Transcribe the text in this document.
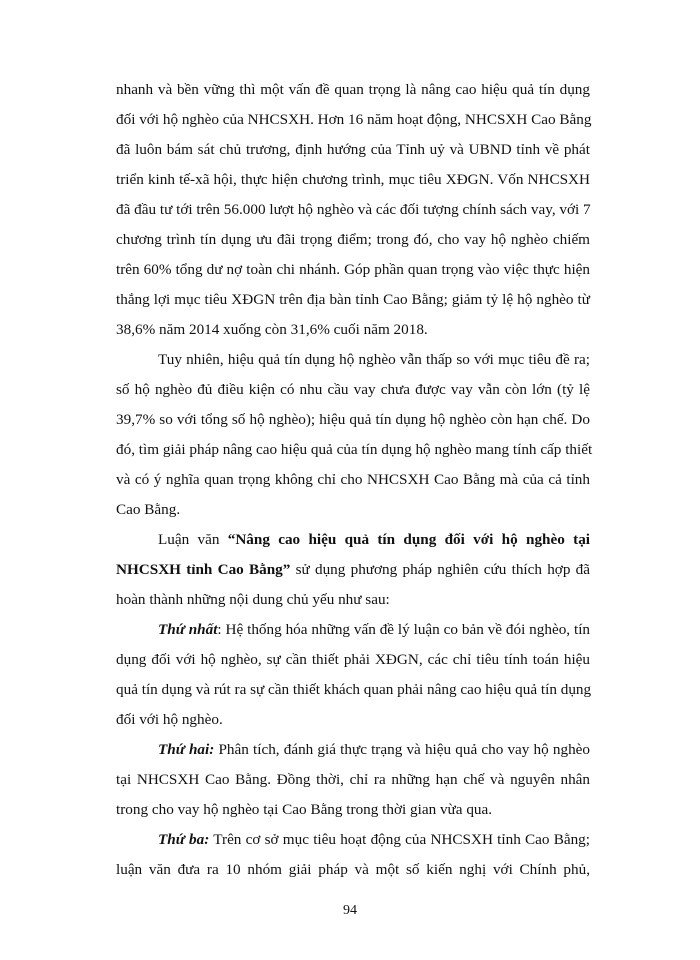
nhanh và bền vững thì một vấn đề quan trọng là nâng cao hiệu quả tín dụng
đối với hộ nghèo của NHCSXH. Hơn 16 năm hoạt động, NHCSXH Cao Bằng
đã luôn bám sát chủ trương, định hướng của Tỉnh uỷ và UBND tỉnh về phát
triển kinh tế-xã hội, thực hiện chương trình, mục tiêu XĐGN. Vốn NHCSXH
đã đầu tư tới trên 56.000 lượt hộ nghèo và các đối tượng chính sách vay, với 7
chương trình tín dụng ưu đãi trọng điểm; trong đó, cho vay hộ nghèo chiếm
trên 60% tổng dư nợ toàn chi nhánh. Góp phần quan trọng vào việc thực hiện
thắng lợi mục tiêu XĐGN trên địa bàn tỉnh Cao Bằng; giảm tỷ lệ hộ nghèo từ
38,6% năm 2014 xuống còn 31,6% cuối năm 2018.
Tuy nhiên, hiệu quả tín dụng hộ nghèo vẫn thấp so với mục tiêu đề ra;
số hộ nghèo đủ điều kiện có nhu cầu vay chưa được vay vẫn còn lớn (tỷ lệ
39,7% so với tổng số hộ nghèo); hiệu quả tín dụng hộ nghèo còn hạn chế. Do
đó, tìm giải pháp nâng cao hiệu quả của tín dụng hộ nghèo mang tính cấp thiết
và có ý nghĩa quan trọng không chỉ cho NHCSXH Cao Bằng mà của cả tỉnh
Cao Bằng.
Luận văn “Nâng cao hiệu quả tín dụng đối với hộ nghèo tại
NHCSXH tỉnh Cao Bằng” sử dụng phương pháp nghiên cứu thích hợp đã
hoàn thành những nội dung chủ yếu như sau:
Thứ nhất: Hệ thống hóa những vấn đề lý luận co bản về đói nghèo, tín
dụng đối với hộ nghèo, sự cần thiết phải XĐGN, các chỉ tiêu tính toán hiệu
quả tín dụng và rút ra sự cần thiết khách quan phải nâng cao hiệu quả tín dụng
đối với hộ nghèo.
Thứ hai: Phân tích, đánh giá thực trạng và hiệu quả cho vay hộ nghèo
tại NHCSXH Cao Bằng. Đồng thời, chỉ ra những hạn chế và nguyên nhân
trong cho vay hộ nghèo tại Cao Bằng trong thời gian vừa qua.
Thứ ba: Trên cơ sở mục tiêu hoạt động của NHCSXH tỉnh Cao Bằng;
luận văn đưa ra 10 nhóm giải pháp và một số kiến nghị với Chính phủ,
94
